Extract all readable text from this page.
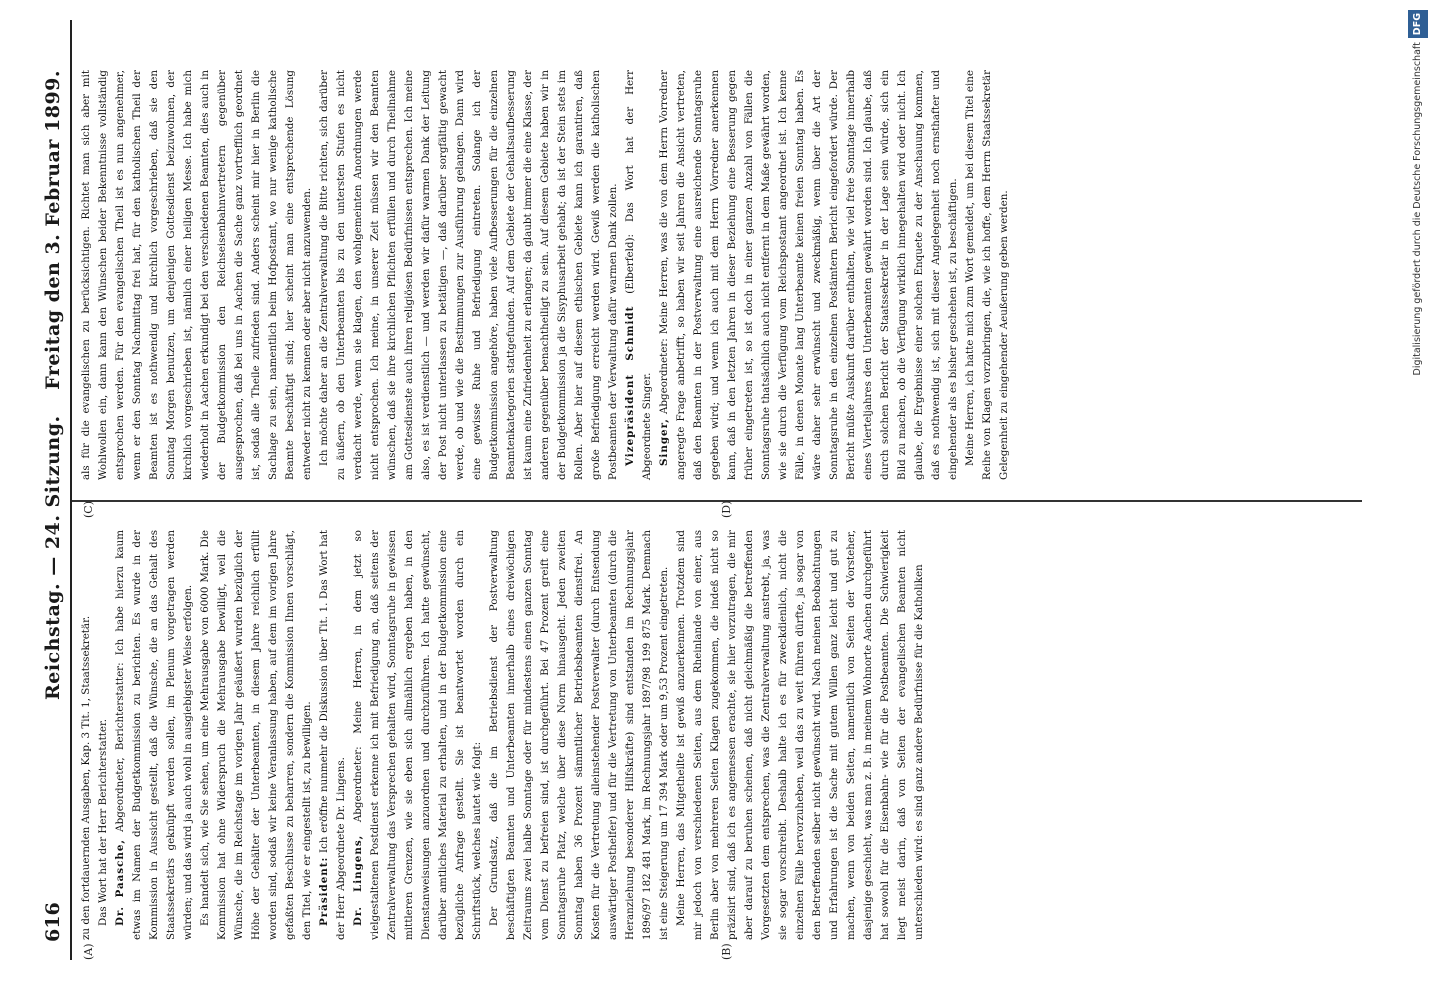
616
Reichstag. — 24. Sitzung.
Freitag den 3. Februar 1899.
(A)	(B)
(C)	(D)

zu den fortdauernden Ausgaben, Kap. 3 Tit. 1, Staatssekretär. Das Wort hat der Herr Berichterstatter. Dr. Paasche, Abgeordneter, Berichterstatter: Ich habe hierzu kaum etwas im Namen der Budgetkommission zu berichten. Es wurde in der Kommission in Aussicht gestellt, daß die Wünsche, die an das Gehalt des Staatssekretärs geknüpft werden sollen, im Plenum vorgetragen werden würden; und das wird ja auch wohl in ausgiebigster Weise erfolgen. Es handelt sich, wie Sie sehen, um eine Mehrausgabe von 6000 Mark. Die Kommission hat ohne Widerspruch die Mehrausgabe bewilligt, weil die Wünsche, die im Reichstage im vorigen Jahr geäußert wurden bezüglich der Höhe der Gehälter der Unterbeamten, in diesem Jahre reichlich erfüllt worden sind, sodaß wir keine Veranlassung haben, auf dem im vorigen Jahre gefaßten Beschlusse zu beharren, sondern die Kommission Ihnen vorschlägt, den Titel, wie er eingestellt ist, zu bewilligen. Präsident: Ich eröffne nunmehr die Diskussion über Tit. 1. Das Wort hat der Herr Abgeordnete Dr. Lingens. Dr. Lingens, Abgeordneter: Meine Herren, in dem jetzt so vielgestaltenen Postdienst erkenne ich mit Befriedigung an, daß seitens der Zentralverwaltung das Versprechen gehalten wird, Sonntagsruhe in gewissen mittleren Grenzen, wie sie eben sich allmählich ergeben haben, in den Dienstanweisungen anzuordnen und durchzuführen. Ich hatte gewünscht, darüber amtliches Material zu erhalten, und in der Budgetkommission eine bezügliche Anfrage gestellt. Sie ist beantwortet worden durch ein Schriftstück, welches lautet wie folgt: Der Grundsatz, daß die im Betriebsdienst der Postverwaltung beschäftigten Beamten und Unterbeamten innerhalb eines dreiwöchigen Zeitraums zwei halbe Sonntage oder für mindestens einen ganzen Sonntag vom Dienst zu befreien sind, ist durchgeführt. Bei 47 Prozent greift eine Sonntagsruhe Platz, welche über diese Norm hinausgeht. Jeden zweiten Sonntag haben 36 Prozent sämmtlicher Betriebsbeamten dienstfrei. An Kosten für die Vertretung alleinstehender Postverwalter (durch Entsendung auswärtiger Posthelfer) und für die Vertretung von Unterbeamten (durch die Heranziehung besonderer Hilfskräfte) sind entstanden im Rechnungsjahr 1896/97 182 481 Mark, im Rechnungsjahr 1897/98 199 875 Mark. Demnach ist eine Steigerung um 17 394 Mark oder um 9,53 Prozent eingetreten. Meine Herren, das Mitgetheilte ist gewiß anzuerkennen. Trotzdem sind mir jedoch von verschiedenen Seiten, aus dem Rheinlande von einer, aus Berlin aber von mehreren Seiten Klagen zugekommen, die indeß nicht so präzisirt sind, daß ich es angemessen erachte, sie hier vorzutragen, die mir aber darauf zu beruhen scheinen, daß nicht gleichmäßig die betreffenden Vorgesetzten dem entsprechen, was die Zentralverwaltung anstrebt, ja, was sie sogar vorschreibt. Deshalb halte ich es für zweckdienlich, nicht die einzelnen Fälle hervorzuheben, weil das zu weit führen dürfte, ja sogar von den Betreffenden selber nicht gewünscht wird. Nach meinen Beobachtungen und Erfahrungen ist die Sache mit gutem Willen ganz leicht und gut zu machen, wenn von beiden Seiten, namentlich von Seiten der Vorsteher, dasjenige geschieht, was man z. B. in meinem Wohnorte Aachen durchgeführt hat sowohl für die Eisenbahn- wie für die Postbeamten. Die Schwierigkeit liegt meist darin, daß von Seiten der evangelischen Beamten nicht unterschieden wird: es sind ganz andere Bedürfnisse für die Katholiken

als für die evangelischen zu berücksichtigen. Richtet man sich aber mit Wohlwollen ein, dann kann den Wünschen beider Bekenntnisse vollständig entsprochen werden. Für den evangelischen Theil ist es nun angenehmer, wenn er den Sonntag Nachmittag frei hat, für den katholischen Theil der Beamten ist es nothwendig und kirchlich vorgeschrieben, daß sie den Sonntag Morgen benutzen, um denjenigen Gottesdienst beizuwohnen, der kirchlich vorgeschrieben ist, nämlich einer heiligen Messe. Ich habe mich wiederholt in Aachen erkundigt bei den verschiedenen Beamten, dies auch in der Budgetkommission den Reichseisenbahnvertretern gegenüber ausgesprochen, daß bei uns in Aachen die Sache ganz vortrefflich geordnet ist, sodaß alle Theile zufrieden sind. Anders scheint mir hier in Berlin die Sachlage zu sein, namentlich beim Hofpostamt, wo nur wenige katholische Beamte beschäftigt sind; hier scheint man eine entsprechende Lösung entweder nicht zu kennen oder aber nicht anzuwenden. Ich möchte daher an die Zentralverwaltung die Bitte richten, sich darüber zu äußern, ob den Unterbeamten bis zu den untersten Stufen es nicht verdacht werde, wenn sie klagen, den wohlgemeinten Anordnungen werde nicht entsprochen. Ich meine, in unserer Zeit müssen wir den Beamten wünschen, daß sie ihre kirchlichen Pflichten erfüllen und durch Theilnahme am Gottesdienste auch ihren religiösen Bedürfnissen entsprechen. Ich meine also, es ist verdienstlich — und werden wir dafür warmen Dank der Leitung der Post nicht unterlassen zu betätigen —, daß darüber sorgfältig gewacht werde, ob und wie die Bestimmungen zur Ausführung gelangen. Dann wird eine gewisse Ruhe und Befriedigung eintreten. Solange ich der Budgetkommission angehöre, haben viele Aufbesserungen für die einzelnen Beamtenkategorien stattgefunden. Auf dem Gebiete der Gehaltsaufbesserung ist kaum eine Zufriedenheit zu erlangen; da glaubt immer die eine Klasse, der anderen gegenüber benachtheiligt zu sein. Auf diesem Gebiete haben wir in der Budgetkommission ja die Sisyphusarbeit gehabt; da ist der Stein stets im Rollen. Aber hier auf diesem ethischen Gebiete kann ich garantiren, daß große Befriedigung erreicht werden wird. Gewiß werden die katholischen Postbeamten der Verwaltung dafür warmen Dank zollen. Vizepräsident Schmidt (Elberfeld): Das Wort hat der Herr Abgeordnete Singer. Singer, Abgeordneter: Meine Herren, was die von dem Herrn Vorredner angeregte Frage anbetrifft, so haben wir seit Jahren die Ansicht vertreten, daß den Beamten in der Postverwaltung eine ausreichende Sonntagsruhe gegeben wird; und wenn ich auch mit dem Herrn Vorredner anerkennen kann, daß in den letzten Jahren in dieser Beziehung eine Besserung gegen früher eingetreten ist, so ist doch in einer ganzen Anzahl von Fällen die Sonntagsruhe thatsächlich auch nicht entfernt in dem Maße gewährt worden, wie sie durch die Verfügung vom Reichspostamt angeordnet ist. Ich kenne Fälle, in denen Monate lang Unterbeamte keinen freien Sonntag haben. Es wäre daher sehr erwünscht und zweckmäßig, wenn über die Art der Sonntagsruhe in den einzelnen Postämtern Bericht eingefordert würde. Der Bericht müßte Auskunft darüber enthalten, wie viel freie Sonntage innerhalb eines Vierteljahres den Unterbeamten gewährt worden sind. Ich glaube, daß durch solchen Bericht der Staatssekretär in der Lage sein würde, sich ein Bild zu machen, ob die Verfügung wirklich innegehalten wird oder nicht. Ich glaube, die Ergebnisse einer solchen Enquete zu der Anschauung kommen, daß es nothwendig ist, sich mit dieser Angelegenheit noch ernsthafter und eingehender als es bisher geschehen ist, zu beschäftigen. Meine Herren, ich hatte mich zum Wort gemeldet, um bei diesem Titel eine Reihe von Klagen vorzubringen, die, wie ich hoffe, dem Herrn Staatssekretär Gelegenheit zu eingehender Aeußerung geben werden.	Digitalisierung gefördert durch die Deutsche ForschungsgemeinschaftDFG
